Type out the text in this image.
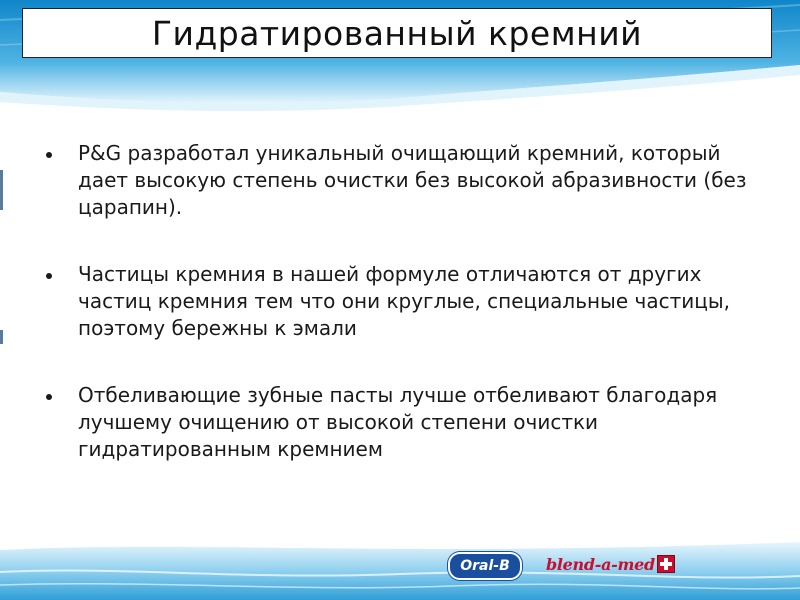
Гидратированный кремний
P&G разработал уникальный очищающий кремний, который дает высокую степень очистки без высокой абразивности (без царапин).
Частицы кремния в нашей формуле отличаются от других частиц кремния тем что они круглые, специальные частицы, поэтому бережны к эмали
Отбеливающие зубные пасты лучше отбеливают благодаря лучшему очищению от высокой степени очистки гидратированным кремнием
Oral-B blend-a-med
